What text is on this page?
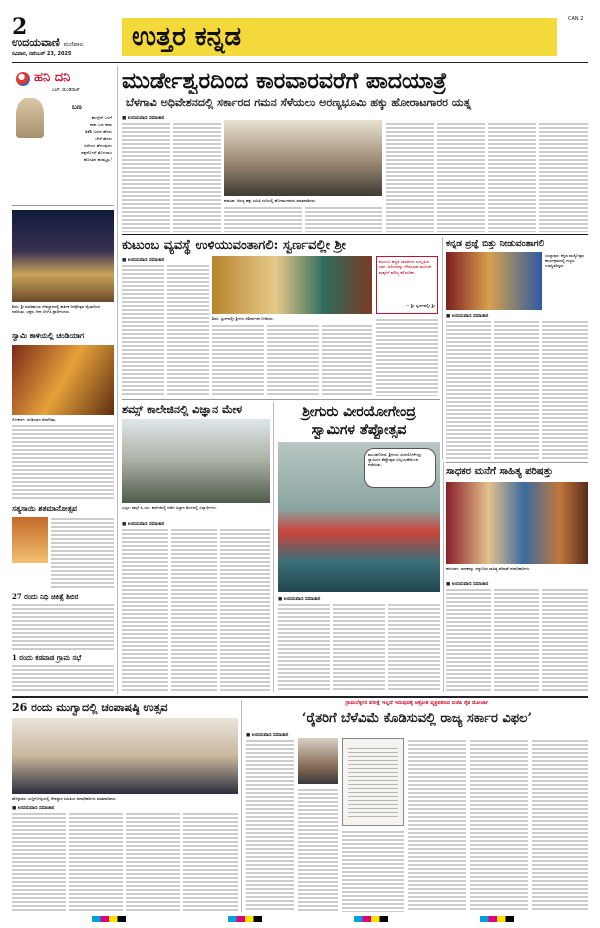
2
ಉದಯವಾಣಿ ಮಣಿಪಾಲ
ರವಿವಾರ, ನವೆಂಬರ್ 23, 2025
ಉತ್ತರ ಕನ್ನಡ
CAN 2
ಹನಿ ದನಿ
ಎಚ್. ಡುಂಡಿರಾಜ್
ಬಣ
ಕಾಂಗ್ರೆಸ್ ಒಳಗೆ
ಕರವ ಬಣ ಕರವ
ಡಿಕೆಶಿ ಬಣದ ಹೆಸರು
ಬೇರೆ ಹೆಸರು
ಏನೆಂದು ಹೇಳುವುದು
ಪಕ್ಷದೊಳಗೆ ತೊಳಲಾಟ
ಹೊಸತಿನ ಹುಮ್ಮಸ್ಸು!
ಶಿರಸಿ: ಶ್ರೀ ಮಾರಿಕಾಂಬಾ ದೇವಸ್ಥಾನದಲ್ಲಿ ಕಾರ್ತಿಕ ದೀಪೋತ್ಸವ ವೈಭವದಿಂದ ನಡೆಯಿತು. ಭಕ್ತರು ದೀಪ ಬೆಳಗಿಸಿ ಪ್ರಾರ್ಥಿಸಿದರು.
ಸ್ವಾಮಿ ಕಾಳಿಯಲ್ಲಿ ಚಂಡಿಯಾಗ
ಗೋಕರ್ಣ: ಚಂಡಿಯಾಗ ನೆರವೇರಿತು.
ಸತ್ಯಸಾಯಿ ಶತಮಾನೋತ್ಸವ
27 ರಂದು ನಿಧಿ ಚಿಕಿತ್ಸೆ ಶಿಬಿರ
1 ರಂದು ಕಡವಾಡ ಗ್ರಾಮ ಸಭೆ
ಮುರ್ಡೇಶ್ವರದಿಂದ ಕಾರವಾರವರೆಗೆ ಪಾದಯಾತ್ರೆ
ಬೆಳಗಾವಿ ಅಧಿವೇಶನದಲ್ಲಿ ಸರ್ಕಾರದ ಗಮನ ಸೆಳೆಯಲು ಅರಣ್ಯಭೂಮಿ ಹಕ್ಕು ಹೋರಾಟಗಾರರ ಯತ್ನ
■ ಉದಯವಾಣಿ ಸಮಾಚಾರ
ಕುಮಟಾ: ಅರಣ್ಯ ಹಕ್ಕು ಸಮಿತಿ ಸಭೆಯಲ್ಲಿ ಹೋರಾಟಗಾರರು ಮಾತನಾಡಿದರು.
ಕುಟುಂಬ ವ್ಯವಸ್ಥೆ ಉಳಿಯುವಂತಾಗಲಿ: ಸ್ವರ್ಣವಲ್ಲೀ ಶ್ರೀ
■ ಉದಯವಾಣಿ ಸಮಾಚಾರ
ಶಿರಸಿ: ಸ್ವರ್ಣವಲ್ಲೀ ಶ್ರೀಗಳು ಆಶೀರ್ವಚನ ನೀಡಿದರು.
ಕುಟುಂಬ ಪದ್ಧತಿ ಭಾರತೀಯ ಸಂಸ್ಕೃತಿಯ ಭಾಗ. ಹಿರಿಯರನ್ನು ಗೌರವಿಸುವ ಮೂಲಕ ಮಕ್ಕಳಿಗೆ ಮೌಲ್ಯ ಕಲಿಸಬೇಕು.
— ಶ್ರೀ ಸ್ವರ್ಣವಲ್ಲೀ ಶ್ರೀ
ಕನ್ನಡ ಪ್ರಜ್ಞೆ ಬಿತ್ತು ನೀಡುವಂತಾಗಲಿ
ಯಲ್ಲಾಪುರ: ಕನ್ನಡ ರಾಜ್ಯೋತ್ಸವ ಕಾರ್ಯಕ್ರಮದಲ್ಲಿ ಗಣ್ಯರು ಉಪಸ್ಥಿತರಿದ್ದರು.
■ ಉದಯವಾಣಿ ಸಮಾಚಾರ
ಶಮ್ಸ್ ಕಾಲೇಜಿನಲ್ಲಿ ವಿಜ್ಞಾನ ಮೇಳ
ಭಟ್ಕಳ: ಶಮ್ಸ್ ಪಿ.ಯು. ಕಾಲೇಜಿನಲ್ಲಿ ನಡೆದ ವಿಜ್ಞಾನ ಮೇಳದಲ್ಲಿ ವಿದ್ಯಾರ್ಥಿಗಳು.
■ ಉದಯವಾಣಿ ಸಮಾಚಾರ
ಶ್ರೀಗುರು ವೀರಯೋಗೇಂದ್ರ
ಸ್ವಾಮಿಗಳ ತೆಪ್ಪೋತ್ಸವ
ಮುಂಡಗೋಡ: ಶ್ರೀಗುರು ವೀರಯೋಗೇಂದ್ರ ಸ್ವಾಮಿಗಳ ತೆಪ್ಪೋತ್ಸವ ವಿಜೃಂಭಣೆಯಿಂದ ನಡೆಯಿತು.
■ ಉದಯವಾಣಿ ಸಮಾಚಾರ
ಸಾಧಕರ ಮನೆಗೆ ಸಾಹಿತ್ಯ ಪರಿಷತ್ತು
ಹಳಿಯಾಳ: ಸಾಧಕರನ್ನು ಸನ್ಮಾನಿಸಿದ ಸಾಹಿತ್ಯ ಪರಿಷತ್ ಪದಾಧಿಕಾರಿಗಳು.
■ ಉದಯವಾಣಿ ಸಮಾಚಾರ
26 ರಂದು ಮುಗ್ವಾದಲ್ಲಿ ಚಂಪಾಷಷ್ಠಿ ಉತ್ಸವ
ಹೊನ್ನಾವರ: ಸುದ್ದಿಗೋಷ್ಠಿಯಲ್ಲಿ ದೇವಸ್ಥಾನ ಸಮಿತಿಯ ಪದಾಧಿಕಾರಿಗಳು ಮಾತನಾಡಿದರು.
■ ಉದಯವಾಣಿ ಸಮಾಚಾರ
ಗ್ರಾಮಲೆಕ್ಕಿಗರ ಪರೀಕ್ಷೆ ಇಲ್ಲದೆ ಇರುವುದಕ್ಕೆ ಆಕ್ರೋಶ ವ್ಯಕ್ತಪಡಿಸಿದ ಬಿಜೆಪಿ ರೈತ ಮೋರ್ಚಾ
‘ರೈತರಿಗೆ ಬೆಳೆವಿಮೆ ಕೊಡಿಸುವಲ್ಲಿ ರಾಜ್ಯ ಸರ್ಕಾರ ವಿಫಲ’
■ ಉದಯವಾಣಿ ಸಮಾಚಾರ
